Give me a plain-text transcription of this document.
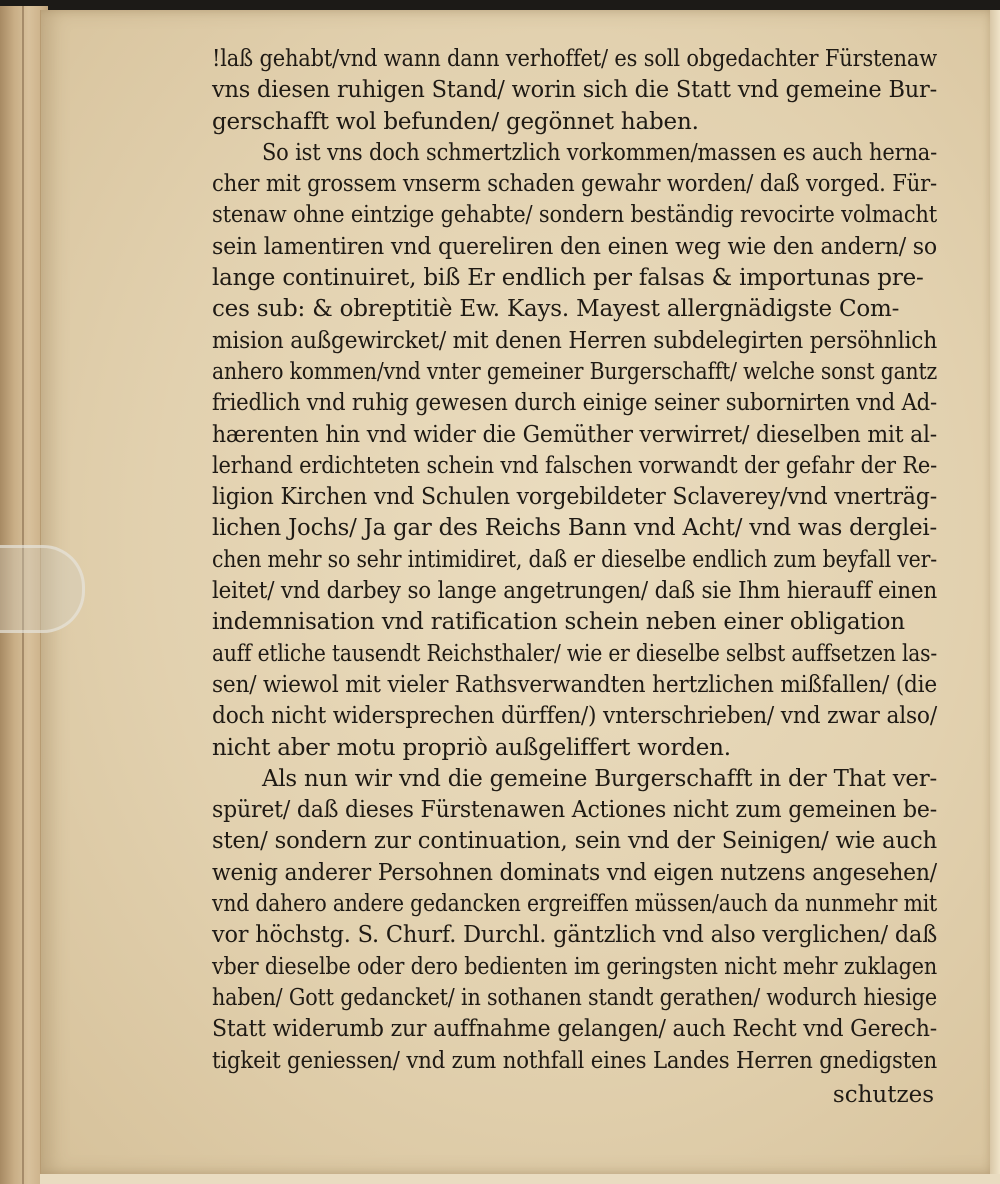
!laß gehabt/vnd wann dann verhoffet/ es soll obgedachter Fürstenaw
vns diesen ruhigen Stand/ worin sich die Statt vnd gemeine Bur-
gerschafft wol befunden/ gegönnet haben.
So ist vns doch schmertzlich vorkommen/massen es auch herna-
cher mit grossem vnserm schaden gewahr worden/ daß vorged. Für-
stenaw ohne eintzige gehabte/ sondern beständig revocirte volmacht
sein lamentiren vnd quereliren den einen weg wie den andern/ so
lange continuiret, biß Er endlich per falsas & importunas pre-
ces sub: & obreptitiè Ew. Kays. Mayest allergnädigste Com-
mision außgewircket/ mit denen Herren subdelegirten persöhnlich
anhero kommen/vnd vnter gemeiner Burgerschafft/ welche sonst gantz
friedlich vnd ruhig gewesen durch einige seiner subornirten vnd Ad-
hærenten hin vnd wider die Gemüther verwirret/ dieselben mit al-
lerhand erdichteten schein vnd falschen vorwandt der gefahr der Re-
ligion Kirchen vnd Schulen vorgebildeter Sclaverey/vnd vnerträg-
lichen Jochs/ Ja gar des Reichs Bann vnd Acht/ vnd was derglei-
chen mehr so sehr intimidiret, daß er dieselbe endlich zum beyfall ver-
leitet/ vnd darbey so lange angetrungen/ daß sie Ihm hierauff einen
indemnisation vnd ratification schein neben einer obligation
auff etliche tausendt Reichsthaler/ wie er dieselbe selbst auffsetzen las-
sen/ wiewol mit vieler Rathsverwandten hertzlichen mißfallen/ (die
doch nicht widersprechen dürffen/) vnterschrieben/ vnd zwar also/
nicht aber motu propriò außgeliffert worden.
Als nun wir vnd die gemeine Burgerschafft in der That ver-
spüret/ daß dieses Fürstenawen Actiones nicht zum gemeinen be-
sten/ sondern zur continuation, sein vnd der Seinigen/ wie auch
wenig anderer Persohnen dominats vnd eigen nutzens angesehen/
vnd dahero andere gedancken ergreiffen müssen/auch da nunmehr mit
vor höchstg. S. Churf. Durchl. gäntzlich vnd also verglichen/ daß
vber dieselbe oder dero bedienten im geringsten nicht mehr zuklagen
haben/ Gott gedancket/ in sothanen standt gerathen/ wodurch hiesige
Statt widerumb zur auffnahme gelangen/ auch Recht vnd Gerech-
tigkeit geniessen/ vnd zum nothfall eines Landes Herren gnedigsten
schutzes
